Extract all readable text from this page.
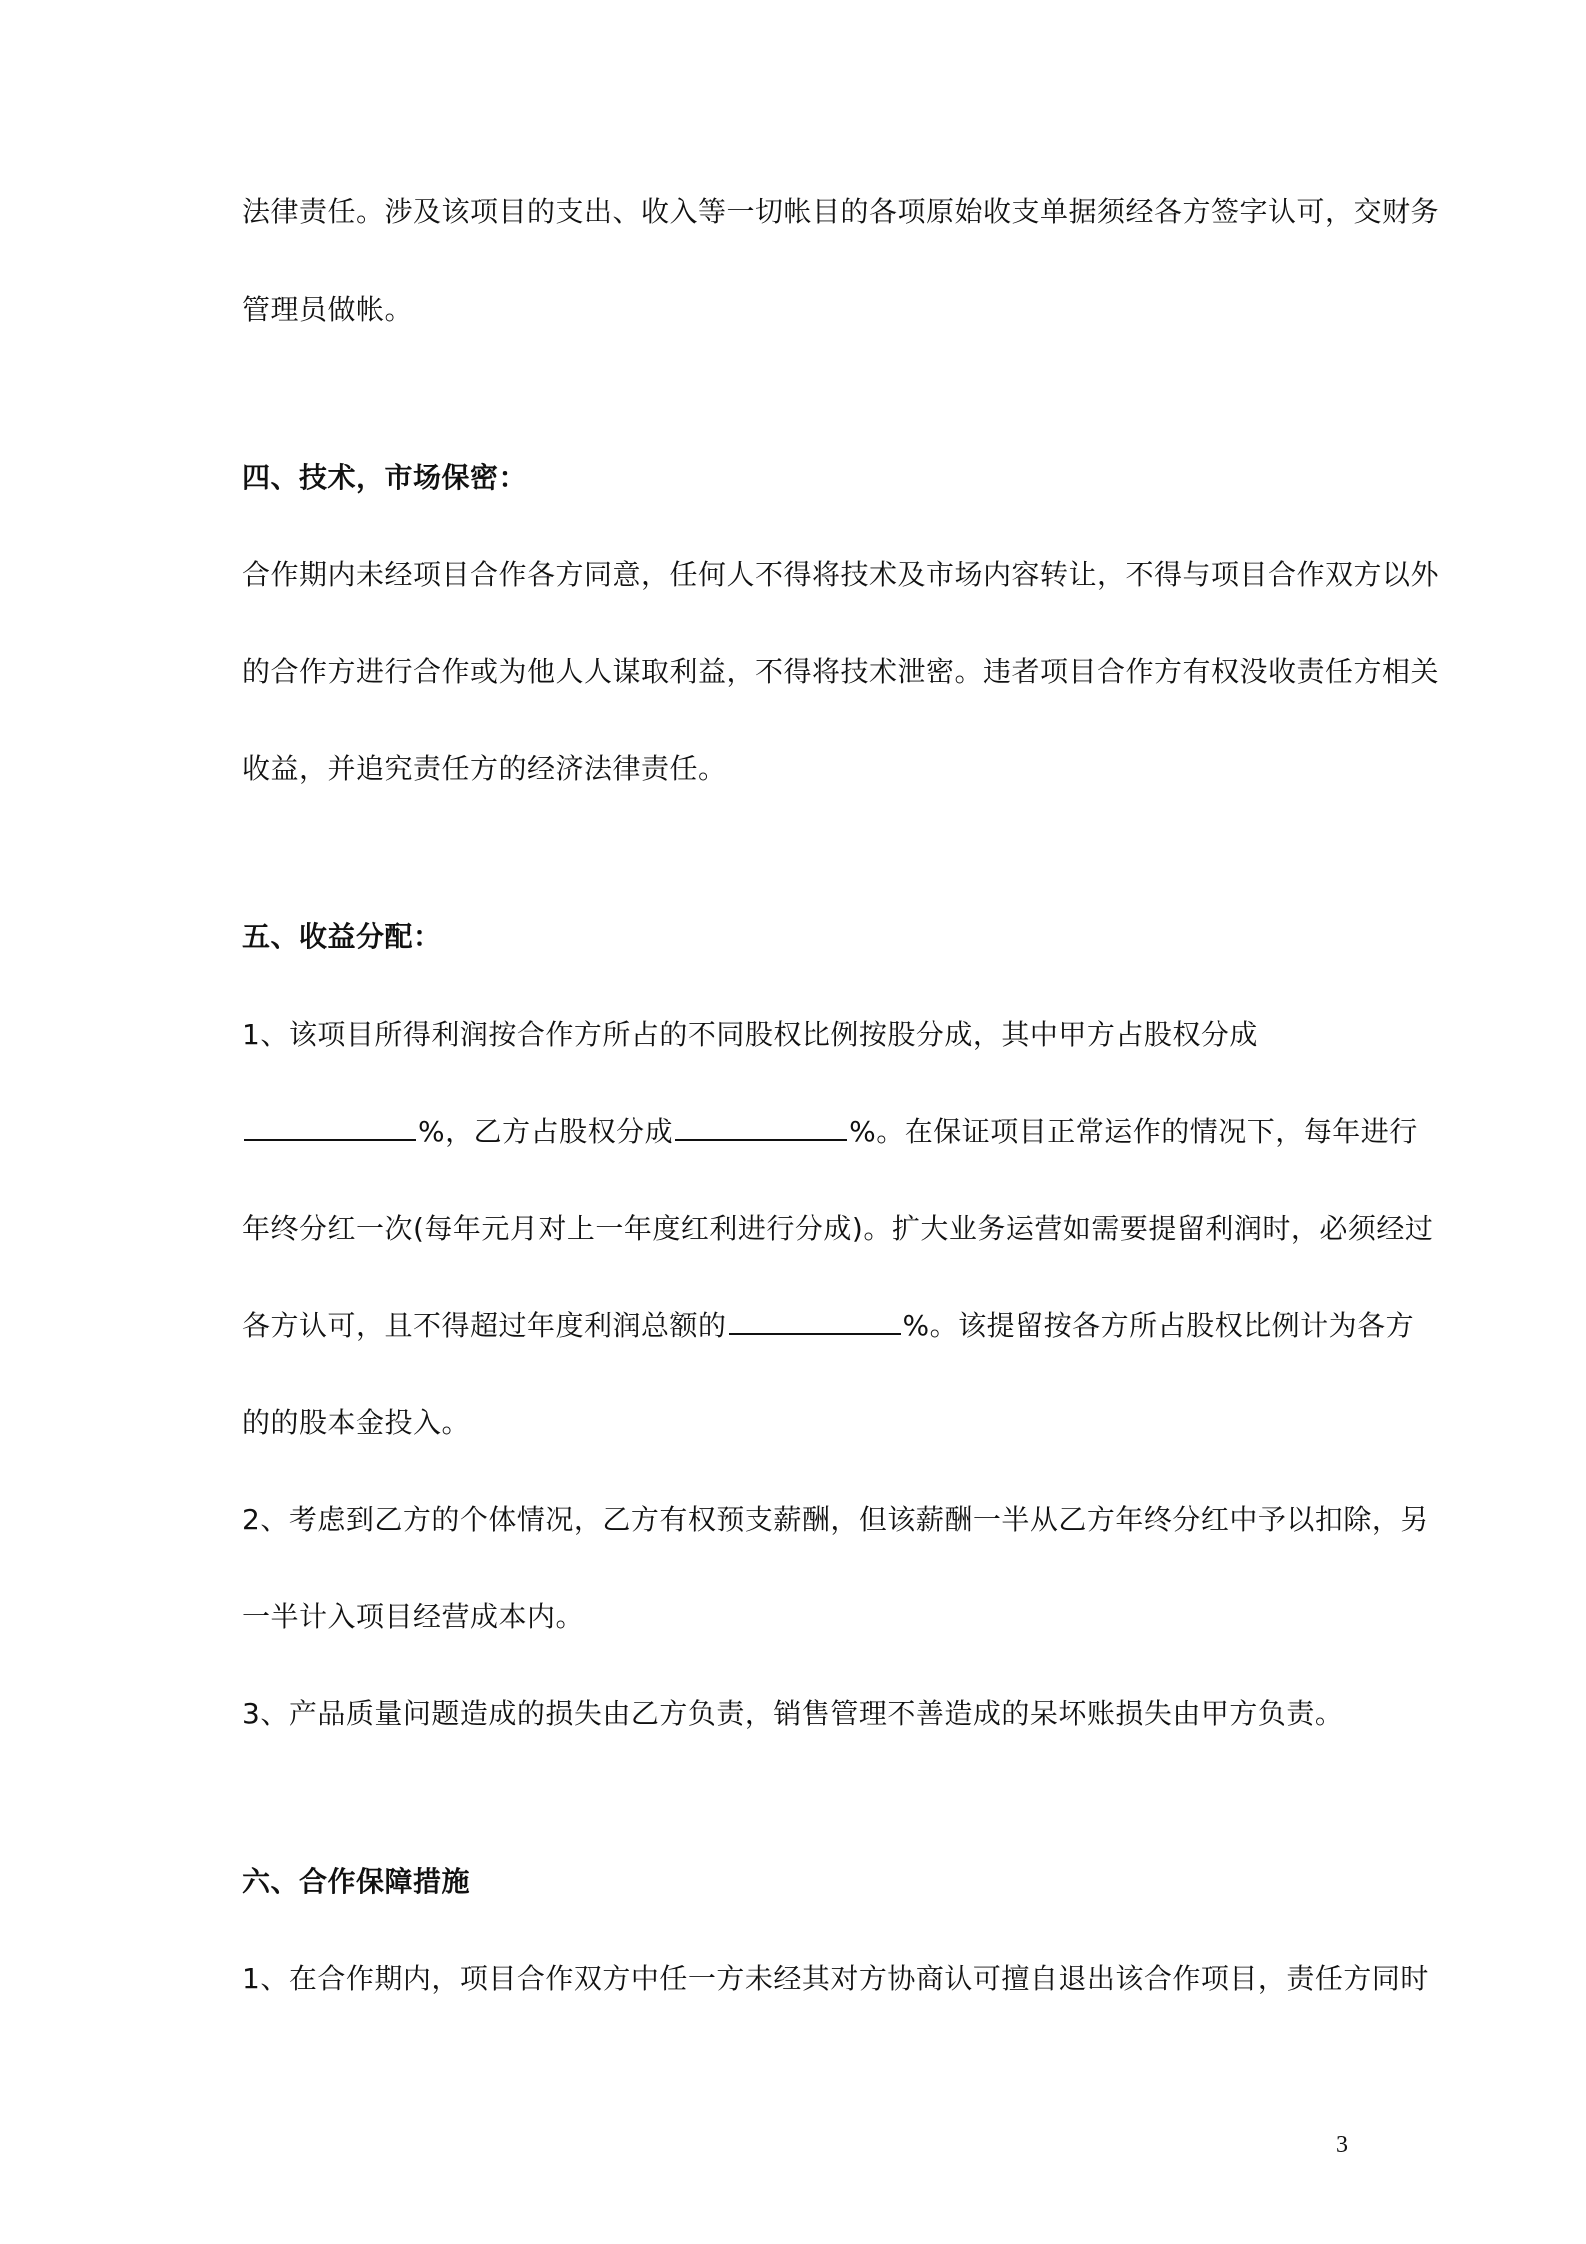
法律责任。涉及该项目的支出、收入等一切帐目的各项原始收支单据须经各方签字认可，交财务
管理员做帐。
四、技术，市场保密：
合作期内未经项目合作各方同意，任何人不得将技术及市场内容转让，不得与项目合作双方以外
的合作方进行合作或为他人人谋取利益，不得将技术泄密。违者项目合作方有权没收责任方相关
收益，并追究责任方的经济法律责任。
五、收益分配：
1、该项目所得利润按合作方所占的不同股权比例按股分成，其中甲方占股权分成
%，乙方占股权分成	%。在保证项目正常运作的情况下，每年进行
年终分红一次(每年元月对上一年度红利进行分成)。扩大业务运营如需要提留利润时，必须经过
各方认可，且不得超过年度利润总额的	%。该提留按各方所占股权比例计为各方
的的股本金投入。
2、考虑到乙方的个体情况，乙方有权预支薪酬，但该薪酬一半从乙方年终分红中予以扣除，另
一半计入项目经营成本内。
3、产品质量问题造成的损失由乙方负责，销售管理不善造成的呆坏账损失由甲方负责。
六、合作保障措施
1、在合作期内，项目合作双方中任一方未经其对方协商认可擅自退出该合作项目，责任方同时
3
